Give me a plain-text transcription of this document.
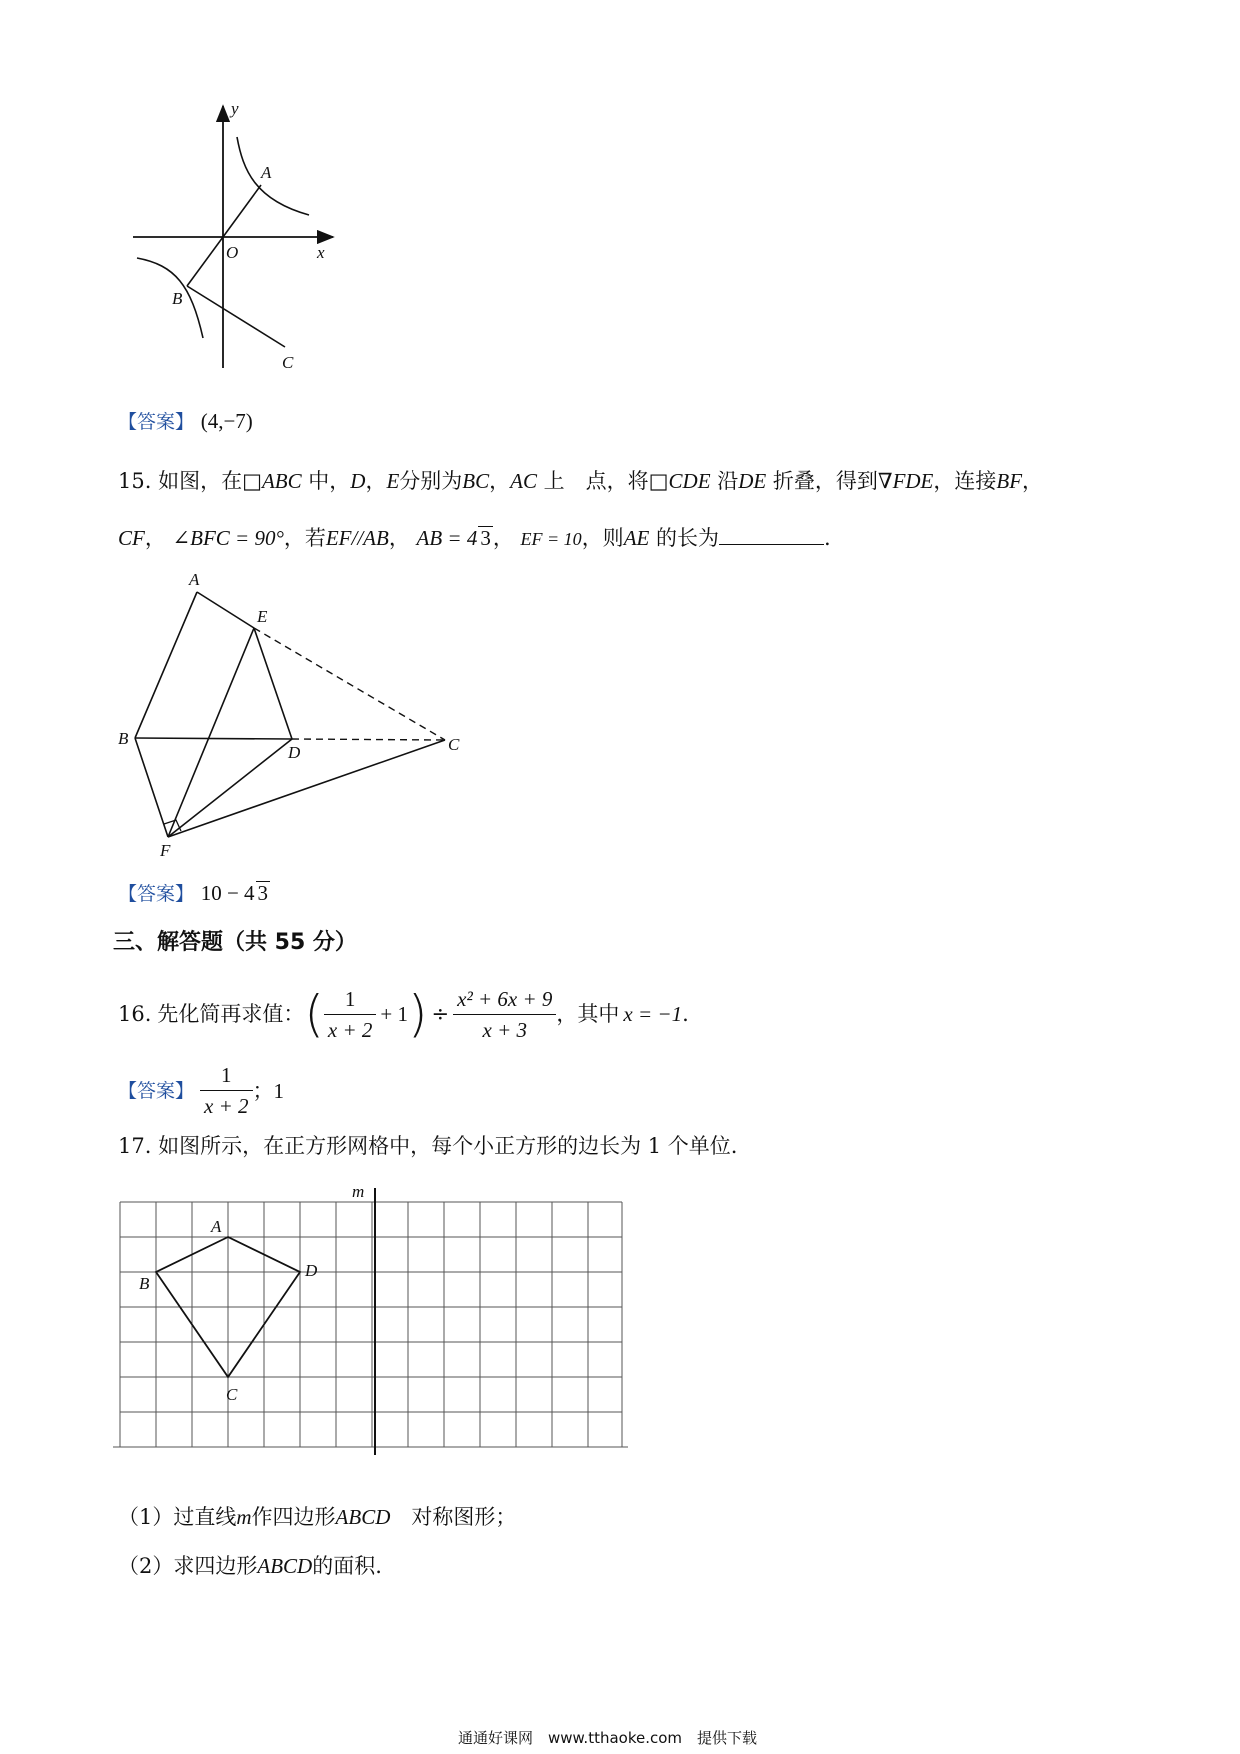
y
x
O
A
B
C
【答案】 (4,−7)
15. 如图，在□ABC 中，D，E分别为BC，AC 上　点，将□CDE 沿DE 折叠，得到∇FDE，连接BF，
CF， ∠BFC = 90°，若EF//AB， AB = 4 3， EF = 10，则AE 的长为	.
A
E
B
D	C
F
【答案】 10 − 4 3
三、解答题（共 55 分）
16. 先化简再求值： ( $\frac{1}{x + 2} + 1$ ) ÷ $\frac{\text{x² + 6x + 9}}{x + 3}$ ，其中 x = −1 .
【答案】 $\frac{1}{x + 2}$ ； 1
17. 如图所示，在正方形网格中，每个小正方形的边长为 1 个单位.
m
A
B
D
C
（1）过直线m作四边形ABCD　对称图形；
（2）求四边形ABCD的面积.
通通好课网　www.tthaoke.com　提供下载
